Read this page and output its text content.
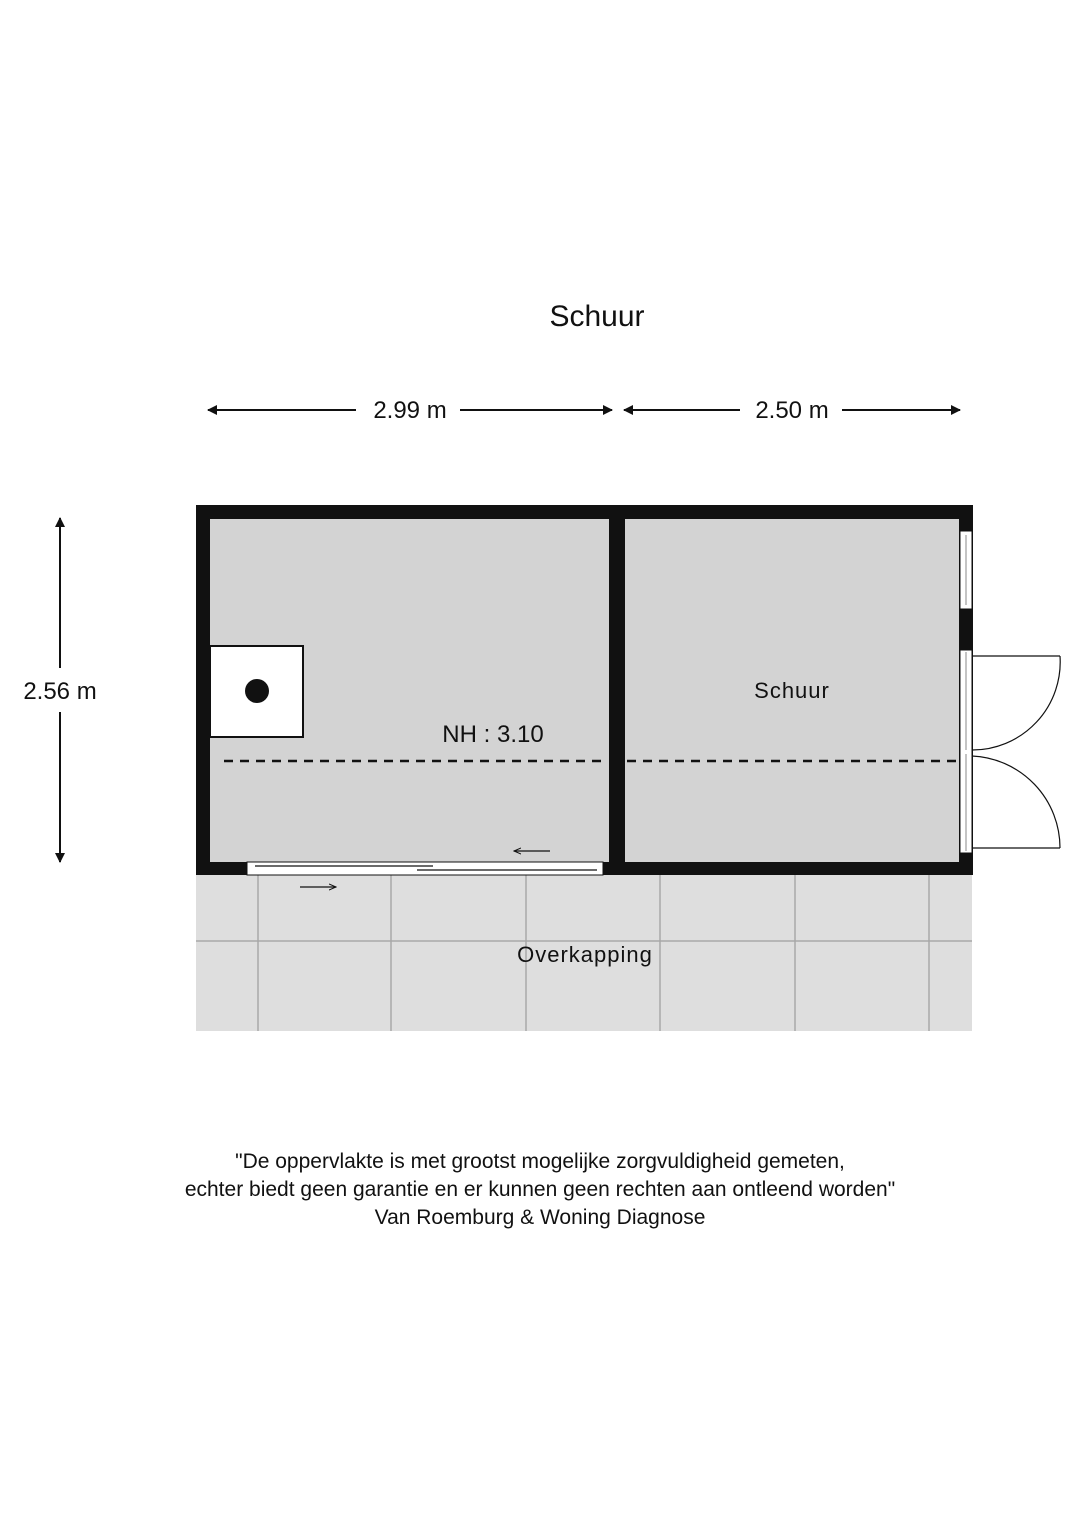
Schuur
2.99 m	2.50 m
2.56 m
Overkapping
NH : 3.10
Schuur
"De oppervlakte is met grootst mogelijke zorgvuldigheid gemeten,
echter biedt geen garantie en er kunnen geen rechten aan ontleend worden"
Van Roemburg & Woning Diagnose
